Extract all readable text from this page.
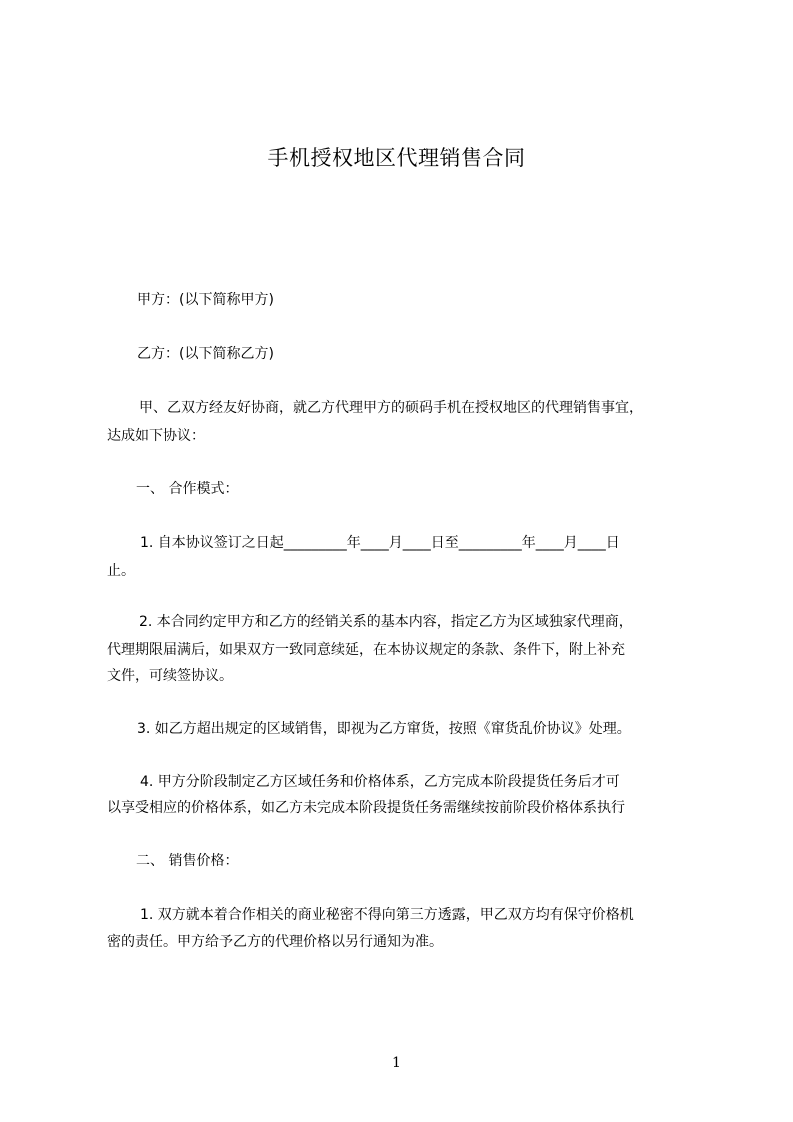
手机授权地区代理销售合同
甲方：(以下简称甲方)
乙方：(以下简称乙方)
甲、乙双方经友好协商，就乙方代理甲方的硕码手机在授权地区的代理销售事宜，
达成如下协议：
一、 合作模式：
1. 自本协议签订之日起_________年____月____日至_________年____月____日
止。
2. 本合同约定甲方和乙方的经销关系的基本内容，指定乙方为区域独家代理商，
代理期限届满后，如果双方一致同意续延，在本协议规定的条款、条件下，附上补充
文件，可续签协议。
3. 如乙方超出规定的区域销售，即视为乙方窜货，按照《窜货乱价协议》处理。
4. 甲方分阶段制定乙方区域任务和价格体系，乙方完成本阶段提货任务后才可
以享受相应的价格体系，如乙方未完成本阶段提货任务需继续按前阶段价格体系执行
二、 销售价格：
1. 双方就本着合作相关的商业秘密不得向第三方透露，甲乙双方均有保守价格机
密的责任。甲方给予乙方的代理价格以另行通知为准。
1
